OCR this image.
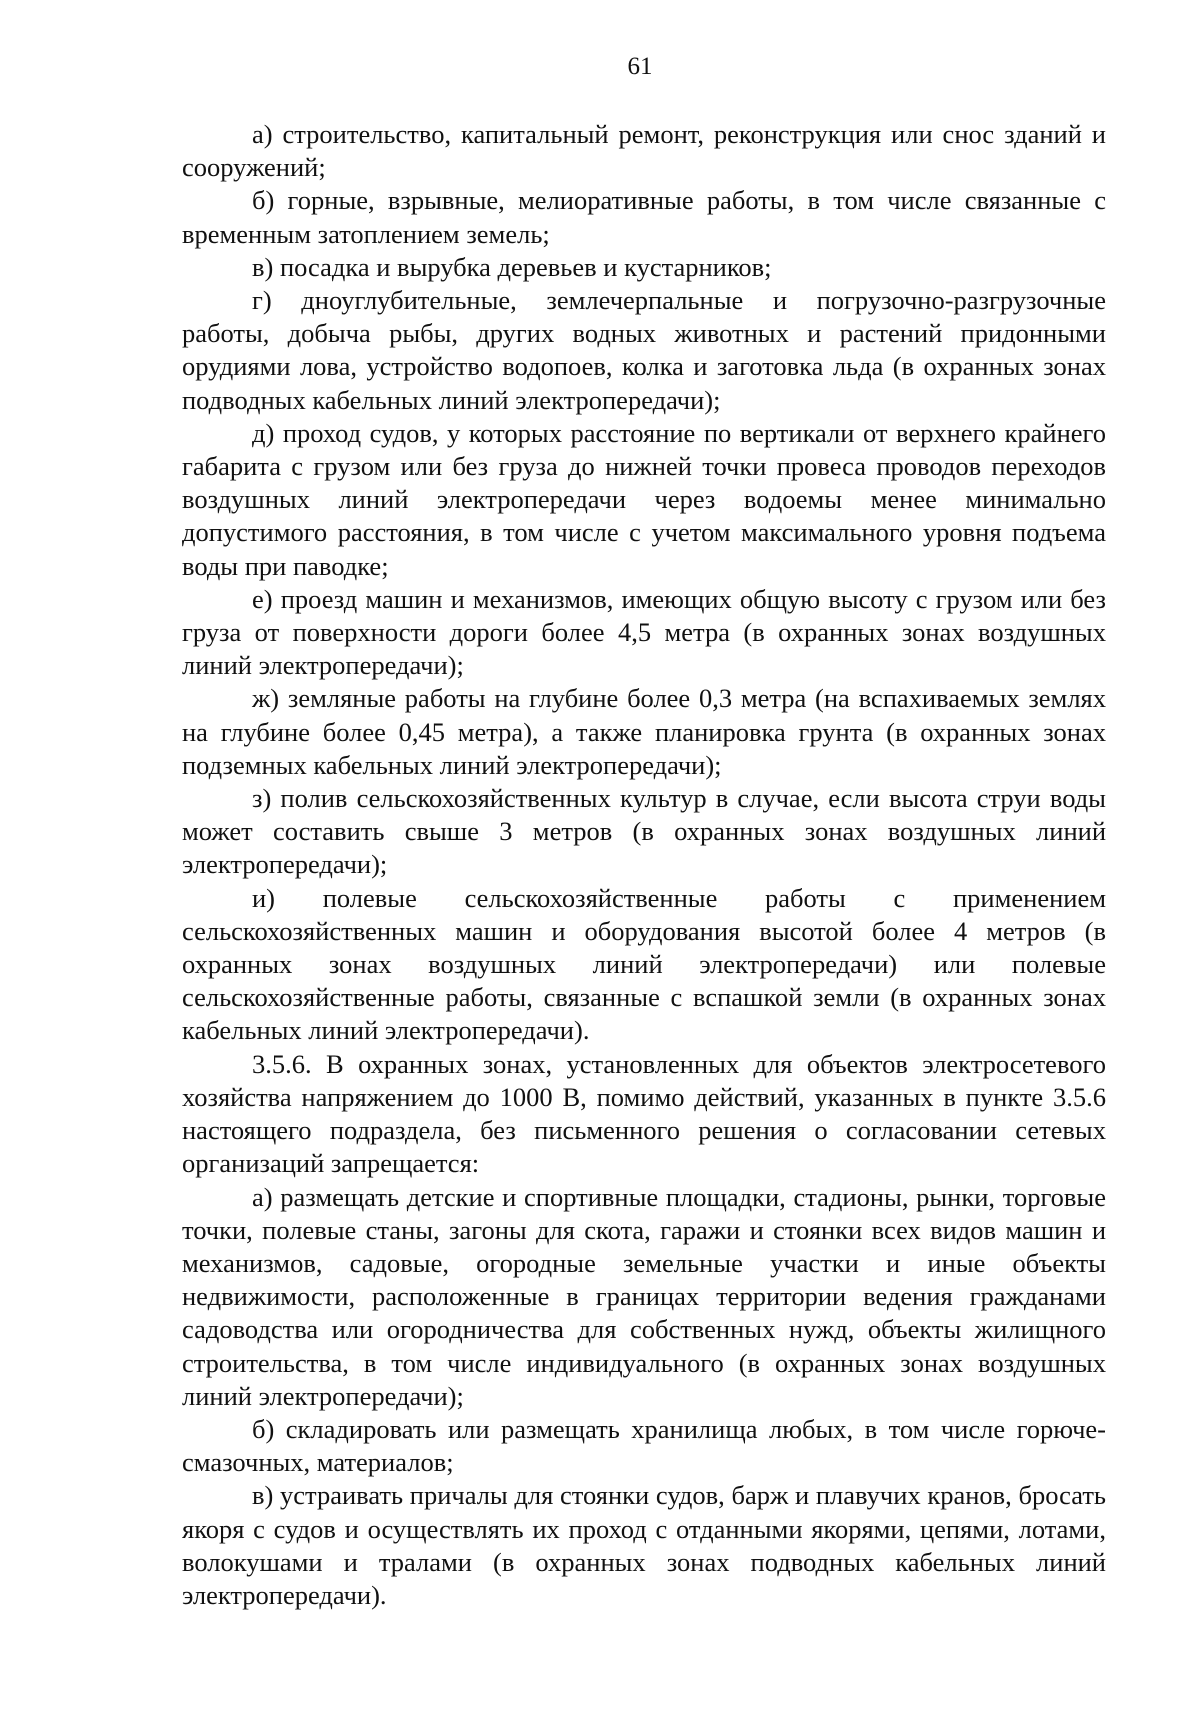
61

а) строительство, капитальный ремонт, реконструкция или снос зданий и сооружений;

б) горные, взрывные, мелиоративные работы, в том числе связанные с временным затоплением земель;

в) посадка и вырубка деревьев и кустарников;

г) дноуглубительные, землечерпальные и погрузочно-разгрузочные работы, добыча рыбы, других водных животных и растений придонными орудиями лова, устройство водопоев, колка и заготовка льда (в охранных зонах подводных кабельных линий электропередачи);

д) проход судов, у которых расстояние по вертикали от верхнего крайнего габарита с грузом или без груза до нижней точки провеса проводов переходов воздушных линий электропередачи через водоемы менее минимально допустимого расстояния, в том числе с учетом максимального уровня подъема воды при паводке;

е) проезд машин и механизмов, имеющих общую высоту с грузом или без груза от поверхности дороги более 4,5 метра (в охранных зонах воздушных линий электропередачи);

ж) земляные работы на глубине более 0,3 метра (на вспахиваемых землях на глубине более 0,45 метра), а также планировка грунта (в охранных зонах подземных кабельных линий электропередачи);

з) полив сельскохозяйственных культур в случае, если высота струи воды может составить свыше 3 метров (в охранных зонах воздушных линий электропередачи);

и) полевые сельскохозяйственные работы с применением сельскохозяйственных машин и оборудования высотой более 4 метров (в охранных зонах воздушных линий электропередачи) или полевые сельскохозяйственные работы, связанные с вспашкой земли (в охранных зонах кабельных линий электропередачи).

3.5.6. В охранных зонах, установленных для объектов электросетевого хозяйства напряжением до 1000 В, помимо действий, указанных в пункте 3.5.6 настоящего подраздела, без письменного решения о согласовании сетевых организаций запрещается:

а) размещать детские и спортивные площадки, стадионы, рынки, торговые точки, полевые станы, загоны для скота, гаражи и стоянки всех видов машин и механизмов, садовые, огородные земельные участки и иные объекты недвижимости, расположенные в границах территории ведения гражданами садоводства или огородничества для собственных нужд, объекты жилищного строительства, в том числе индивидуального (в охранных зонах воздушных линий электропередачи);

б) складировать или размещать хранилища любых, в том числе горюче-смазочных, материалов;

в) устраивать причалы для стоянки судов, барж и плавучих кранов, бросать якоря с судов и осуществлять их проход с отданными якорями, цепями, лотами, волокушами и тралами (в охранных зонах подводных кабельных линий электропередачи).
